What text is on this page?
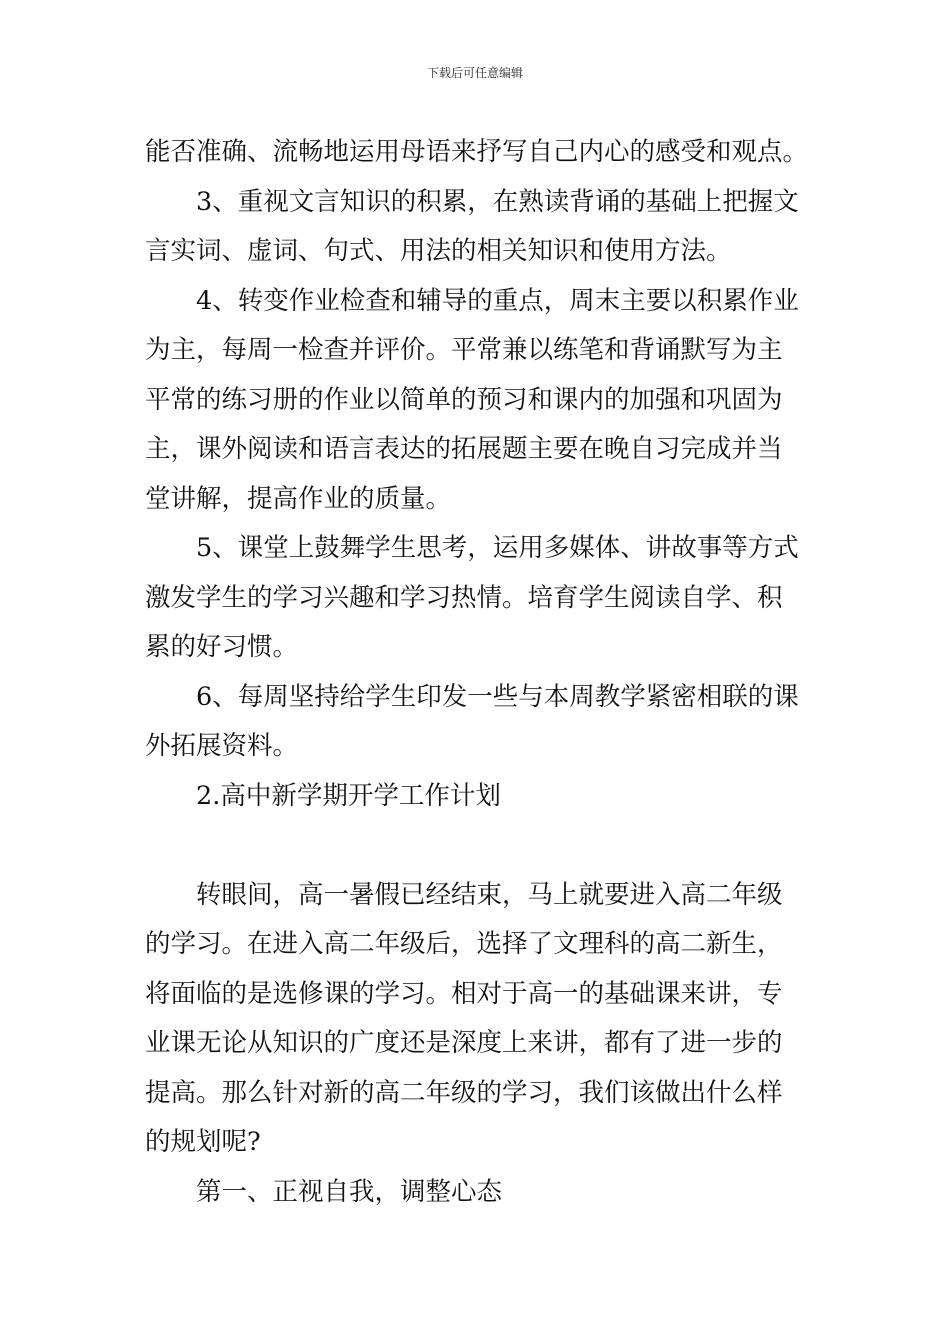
下载后可任意编辑
能否准确、流畅地运用母语来抒写自己内心的感受和观点。
3、重视文言知识的积累，在熟读背诵的基础上把握文
言实词、虚词、句式、用法的相关知识和使用方法。
4、转变作业检查和辅导的重点，周末主要以积累作业
为主，每周一检查并评价。平常兼以练笔和背诵默写为主
平常的练习册的作业以简单的预习和课内的加强和巩固为
主，课外阅读和语言表达的拓展题主要在晚自习完成并当
堂讲解，提高作业的质量。
5、课堂上鼓舞学生思考，运用多媒体、讲故事等方式
激发学生的学习兴趣和学习热情。培育学生阅读自学、积
累的好习惯。
6、每周坚持给学生印发一些与本周教学紧密相联的课
外拓展资料。
2.高中新学期开学工作计划
转眼间，高一暑假已经结束，马上就要进入高二年级
的学习。在进入高二年级后，选择了文理科的高二新生，
将面临的是选修课的学习。相对于高一的基础课来讲，专
业课无论从知识的广度还是深度上来讲，都有了进一步的
提高。那么针对新的高二年级的学习，我们该做出什么样
的规划呢?
第一、正视自我，调整心态
